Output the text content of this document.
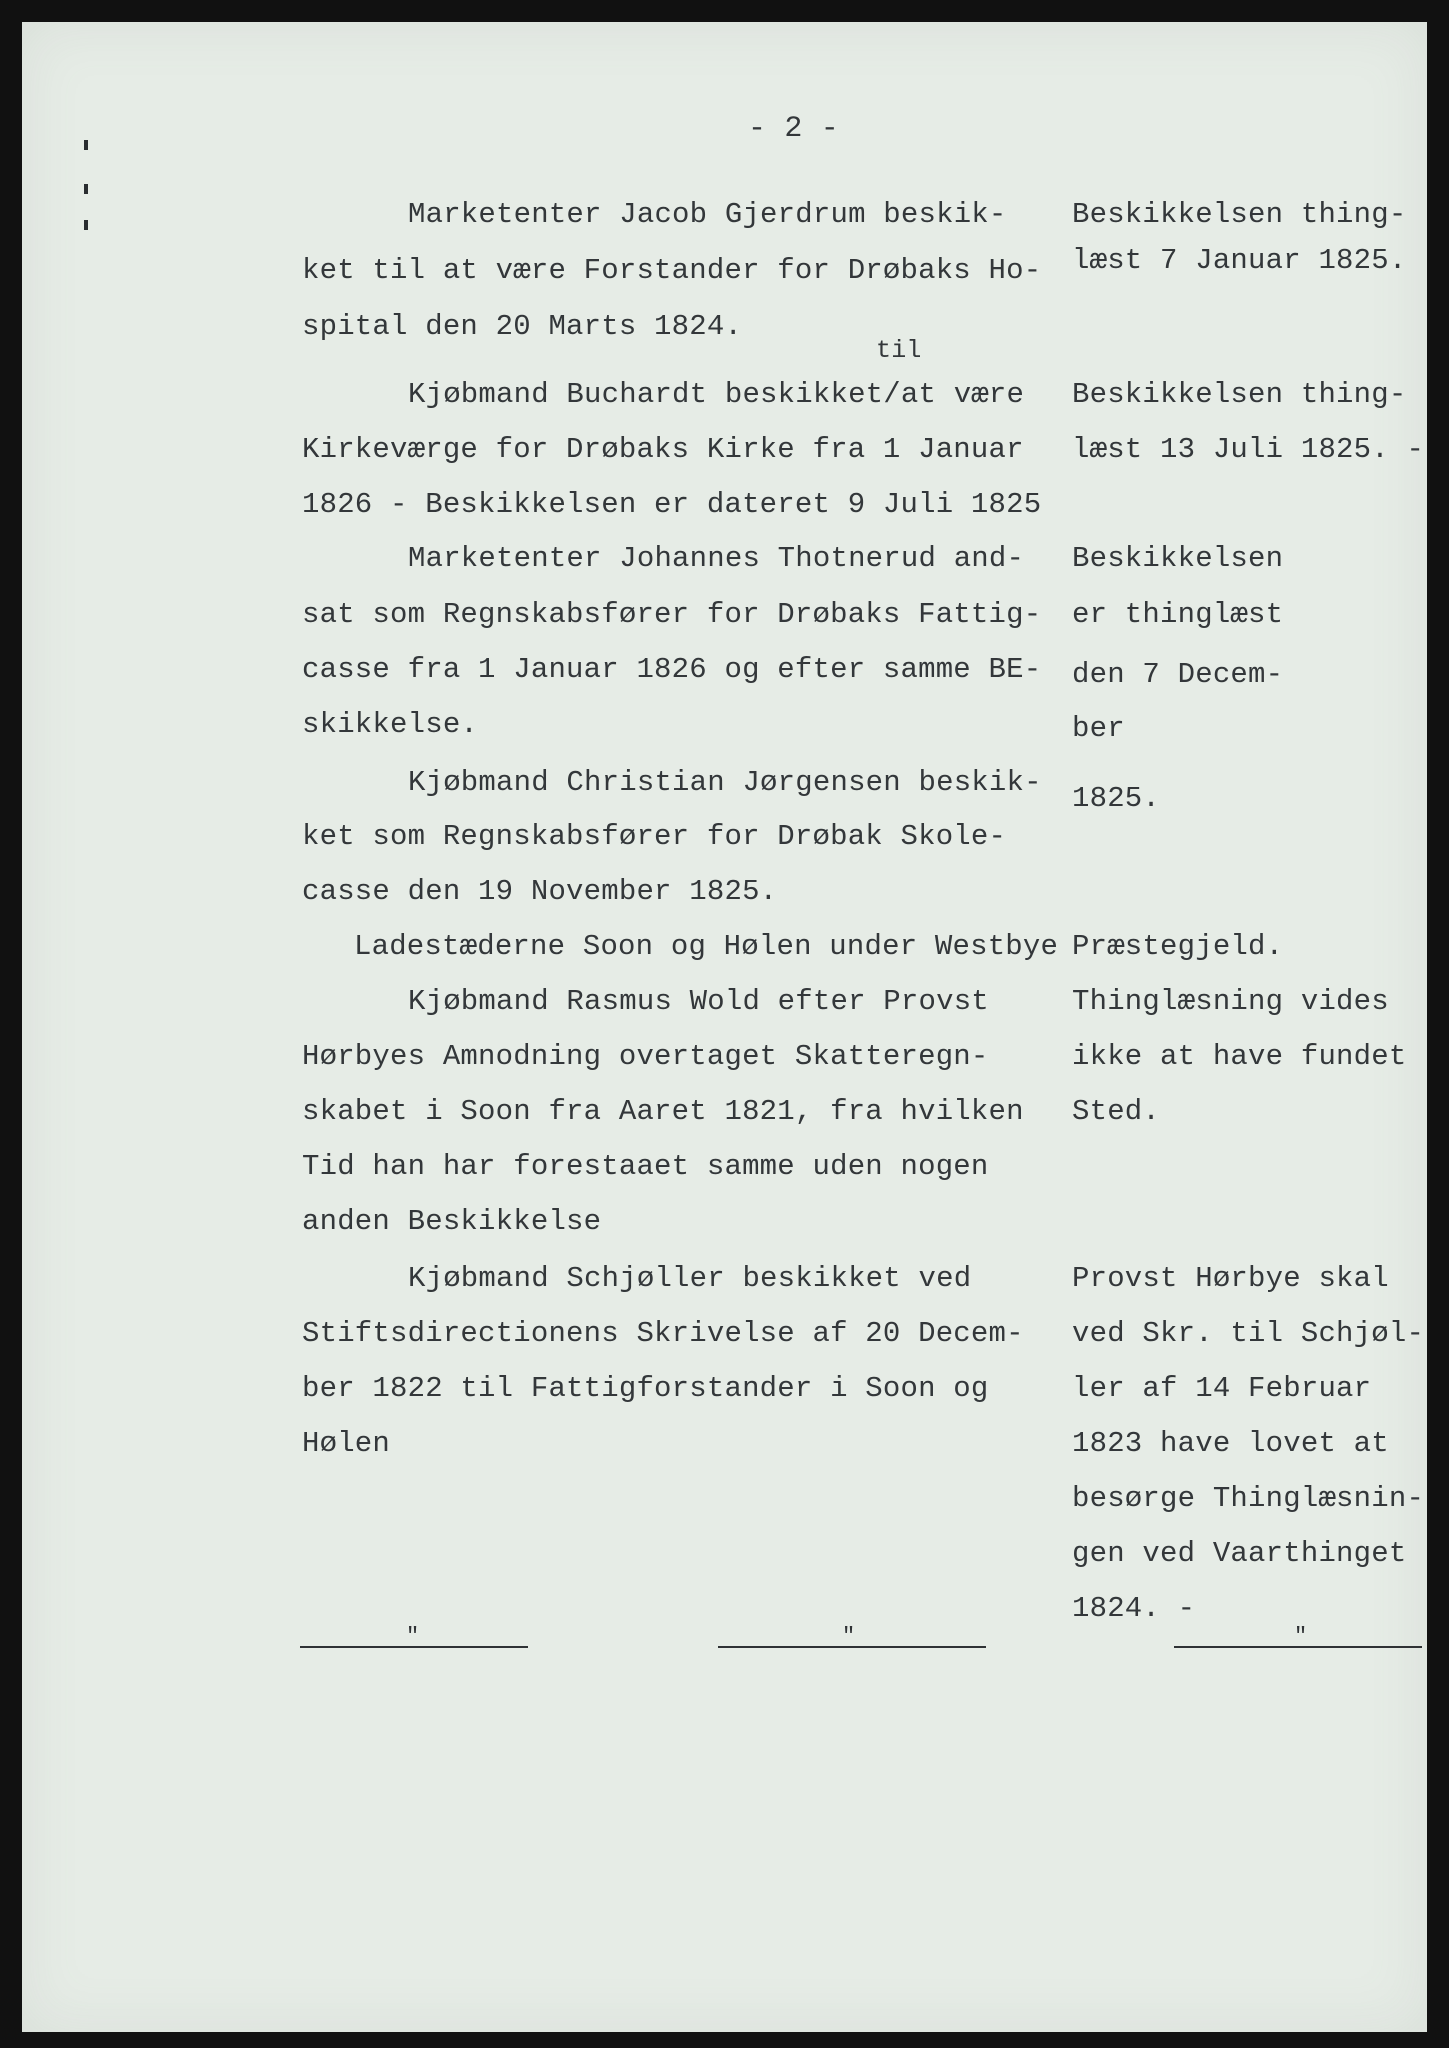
- 2 -
til
Marketenter Jacob Gjerdrum beskik-
ket til at være Forstander for Drøbaks Ho-
spital den 20 Marts 1824.
Kjøbmand Buchardt beskikket/at være
Kirkeværge for Drøbaks Kirke fra 1 Januar
1826 - Beskikkelsen er dateret 9 Juli 1825
Marketenter Johannes Thotnerud and-
sat som Regnskabsfører for Drøbaks Fattig-
casse fra 1 Januar 1826 og efter samme BE-
skikkelse.
Kjøbmand Christian Jørgensen beskik-
ket som Regnskabsfører for Drøbak Skole-
casse den 19 November 1825.
Ladestæderne Soon og Hølen under Westbye
Kjøbmand Rasmus Wold efter Provst
Hørbyes Amnodning overtaget Skatteregn-
skabet i Soon fra Aaret 1821, fra hvilken
Tid han har forestaaet samme uden nogen
anden Beskikkelse
Kjøbmand Schjøller beskikket ved
Stiftsdirectionens Skrivelse af 20 Decem-
ber 1822 til Fattigforstander i Soon og
Hølen
Beskikkelsen thing-
læst 7 Januar 1825.
Beskikkelsen thing-
læst 13 Juli 1825. -
Beskikkelsen
er thinglæst
den 7 Decem-
ber
1825.
Præstegjeld.
Thinglæsning vides
ikke at have fundet
Sted.
Provst Hørbye skal
ved Skr. til Schjøl-
ler af 14 Februar
1823 have lovet at
besørge Thinglæsnin-
gen ved Vaarthinget
1824. -
"	"	"
